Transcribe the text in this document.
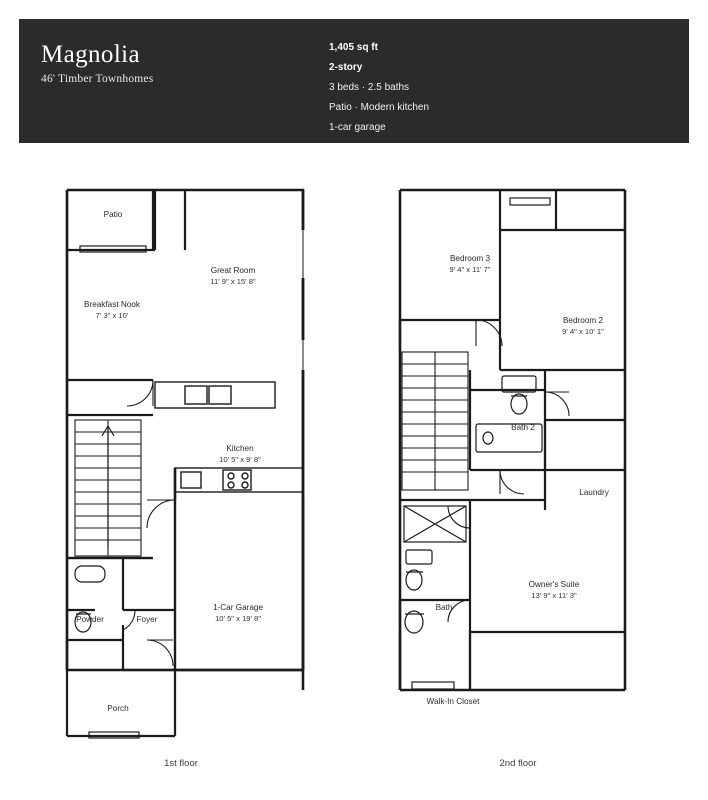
Magnolia
46' Timber Townhomes
1,405 sq ft
2-story
3 beds · 2.5 baths
Patio · Modern kitchen
1-car garage
Patio
Great Room
11' 9" x 15' 8"
Breakfast Nook
7' 3" x 10'
Kitchen
10' 5" x 9' 8"
Powder	Foyer
1-Car Garage
10' 5" x 19' 8"
Porch
1st floor
Bedroom 3
9' 4" x 11' 7"
Bedroom 2
9' 4" x 10' 1"
Bath 2
Laundry
Owner's Suite
13' 9" x 11' 3"
Bath
Walk-In Closet
2nd floor
